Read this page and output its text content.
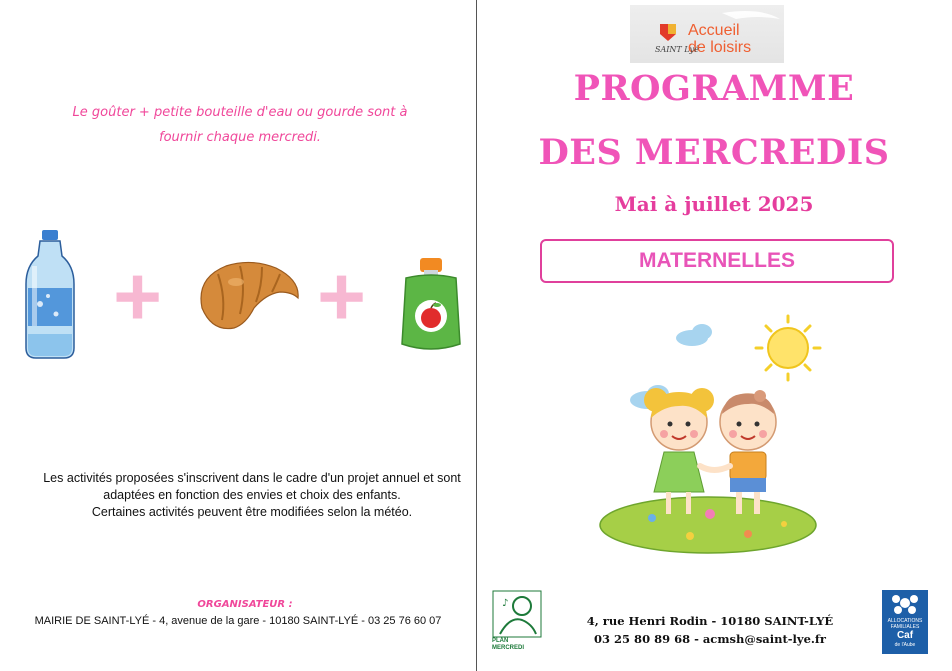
Le goûter + petite bouteille d'eau ou gourde sont à
fournir chaque mercredi.
+ +
Les activités proposées s'inscrivent dans le cadre d'un projet annuel et sont
adaptées en fonction des envies et choix des enfants.
Certaines activités peuvent être modifiées selon la météo.
ORGANISATEUR :
MAIRIE DE SAINT-LYÉ - 4, avenue de la gare - 10180 SAINT-LYÉ - 03 25 76 60 07
Accueil
de loisirs
SAINT Lyé
PROGRAMME
DES MERCREDIS
Mai à juillet 2025
MATERNELLES
♪
PLAN
MERCREDI
4, rue Henri Rodin - 10180 SAINT-LYÉ
03 25 80 89 68 - acmsh@saint-lye.fr
ALLOCATIONS
FAMILIALES
Caf
de l'Aube
